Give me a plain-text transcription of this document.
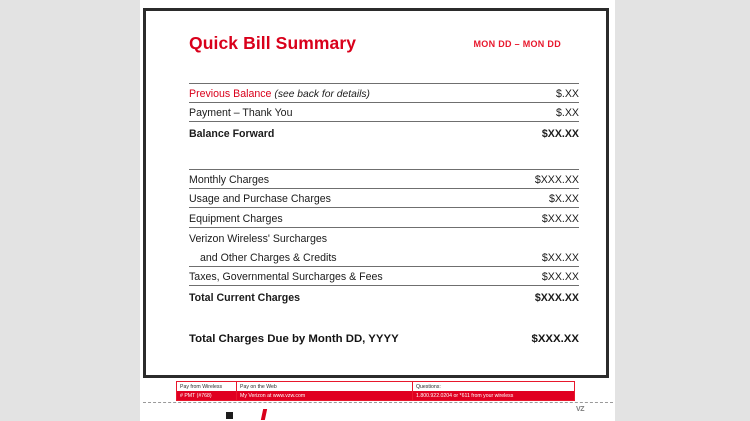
Quick Bill Summary	MON DD – MON DD
Previous Balance (see back for details)	$.XX
Payment – Thank You	$.XX
Balance Forward	$XX.XX
Monthly Charges	$XXX.XX
Usage and Purchase Charges	$X.XX
Equipment Charges	$XX.XX
Verizon Wireless' Surcharges
and Other Charges & Credits	$XX.XX
Taxes, Governmental Surcharges & Fees	$XX.XX
Total Current Charges	$XXX.XX
Total Charges Due by Month DD, YYYY	$XXX.XX
Pay from Wireless	Pay on the Web	Questions:
# PMT (#768)	My Verizon at www.vzw.com	1.800.922.0204 or *611 from your wireless
VZ
